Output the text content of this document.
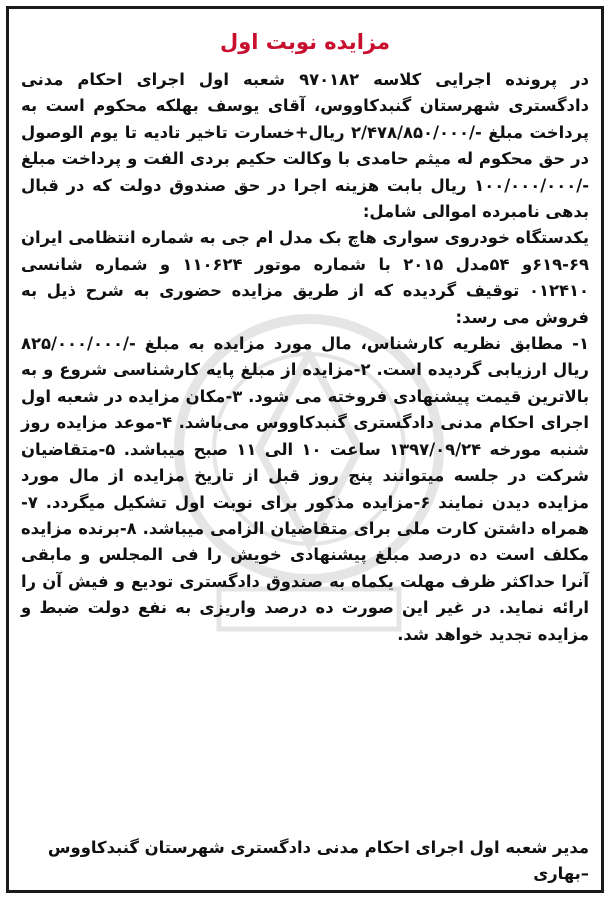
مزایده نوبت اول

در پرونده اجرایی کلاسه ۹۷۰۱۸۲ شعبه اول اجرای احکام مدنی دادگستری شهرستان گنبدکاووس، آقای یوسف بهلکه محکوم است به پرداخت مبلغ -/۲/۴۷۸/۸۵۰/۰۰۰ ریال+خسارت تاخیر تادیه تا یوم الوصول در حق محکوم له میثم حامدی با وکالت حکیم بردی الفت و پرداخت مبلغ -/۱۰۰/۰۰۰/۰۰۰ ریال بابت هزینه اجرا در حق صندوق دولت که در قبال بدهی نامبرده اموالی شامل:

یکدستگاه خودروی سواری هاچ بک مدل ام جی به شماره انتظامی ایران ۶۹-۶۱۹و ۵۴مدل ۲۰۱۵ با شماره موتور ۱۱۰۶۲۴ و شماره شانسی ۰۱۲۴۱۰ توقیف گردیده که از طریق مزایده حضوری به شرح ذیل به فروش می رسد:

۱- مطابق نظریه کارشناس، مال مورد مزایده به مبلغ -/۸۲۵/۰۰۰/۰۰۰ ریال ارزیابی گردیده است. ۲-مزایده از مبلغ پایه کارشناسی شروع و به بالاترین قیمت پیشنهادی فروخته می شود. ۳-مکان مزایده در شعبه اول اجرای احکام مدنی دادگستری گنبدکاووس می‌باشد. ۴-موعد مزایده روز شنبه مورخه ۱۳۹۷/۰۹/۲۴ ساعت ۱۰ الی ۱۱ صبح میباشد. ۵-متقاضیان شرکت در جلسه میتوانند پنج روز قبل از تاریخ مزایده از مال مورد مزایده دیدن نمایند ۶-مزایده مذکور برای نوبت اول تشکیل میگردد. ۷-همراه داشتن کارت ملی برای متقاضیان الزامی میباشد. ۸-برنده مزایده مکلف است ده درصد مبلغ پیشنهادی خویش را فی المجلس و مابقی آنرا حداکثر ظرف مهلت یکماه به صندوق دادگستری تودیع و فیش آن را ارائه نماید. در غیر این صورت ده درصد واریزی به نفع دولت ضبط و مزایده تجدید خواهد شد.

مدیر شعبه اول اجرای احکام مدنی دادگستری شهرستان گنبدکاووس
–بهاری
